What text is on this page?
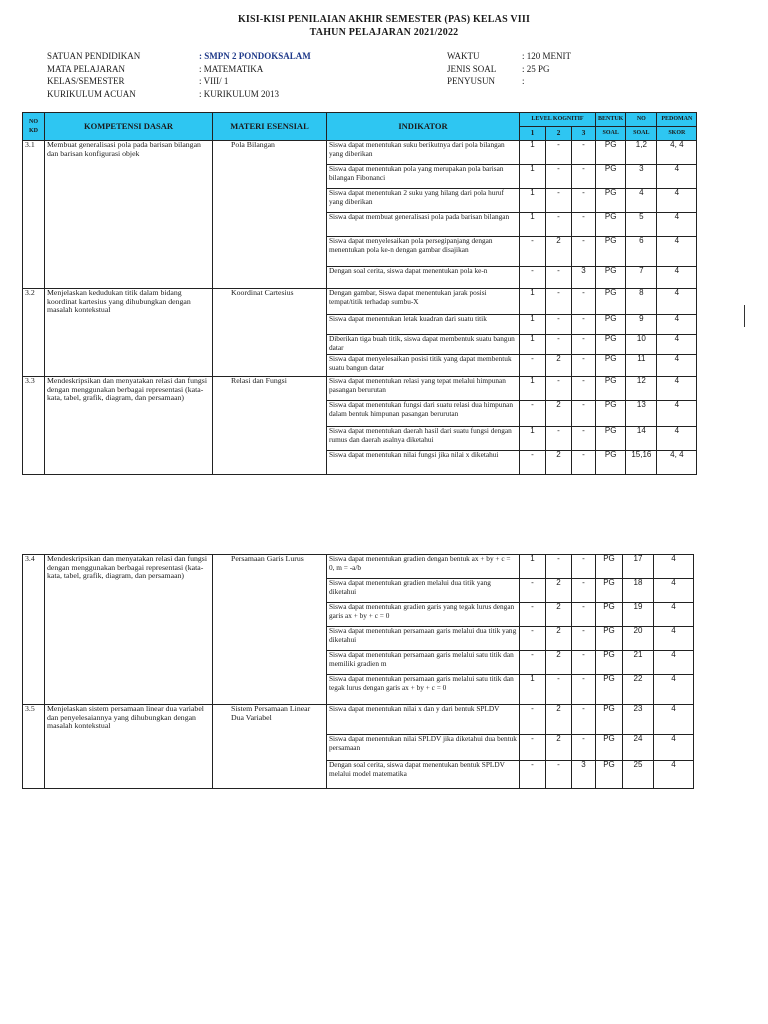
KISI-KISI PENILAIAN AKHIR SEMESTER (PAS) KELAS VIII
TAHUN PELAJARAN 2021/2022
SATUAN PENDIDIKAN	: SMPN 2 PONDOKSALAM
MATA PELAJARAN	: MATEMATIKA
KELAS/SEMESTER	: VIII/ 1
KURIKULUM ACUAN	: KURIKULUM 2013
WAKTU	: 120 MENIT
JENIS SOAL	: 25 PG
PENYUSUN	:
NO KD	KOMPETENSI DASAR	MATERI ESENSIAL	INDIKATOR	LEVEL KOGNITIF			BENTUK	NO	PEDOMAN
				1	2	3	SOAL	SOAL	SKOR
3.1	Membuat generalisasi pola pada barisan bilangan dan barisan konfigurasi objek	Pola Bilangan	Siswa dapat menentukan suku berikutnya dari pola bilangan yang diberikan	1	-	-	PG	1,2	4, 4
			Siswa dapat menentukan pola yang merupakan pola barisan bilangan Fibonanci	1	-	-	PG	3	4
			Siswa dapat menentukan 2 suku yang hilang dari pola huruf yang diberikan	1	-	-	PG	4	4
			Siswa dapat membuat generalisasi pola pada barisan bilangan	1	-	-	PG	5	4
			Siswa dapat menyelesaikan pola persegipanjang dengan menentukan pola ke-n dengan gambar disajikan	-	2	-	PG	6	4
			Dengan soal cerita, siswa dapat menentukan pola ke-n	-	-	3	PG	7	4
3.2	Menjelaskan kedudukan titik dalam bidang koordinat kartesius yang dihubungkan dengan masalah kontekstual	Koordinat Cartesius	Dengan gambar, Siswa dapat menentukan jarak posisi tempat/titik terhadap sumbu-X	1	-	-	PG	8	4
			Siswa dapat menentukan letak kuadran dari suatu titik	1	-	-	PG	9	4
			Diberikan tiga buah titik, siswa dapat membentuk suatu bangun datar	1	-	-	PG	10	4
			Siswa dapat menyelesaikan posisi titik yang dapat membentuk suatu bangun datar	-	2	-	PG	11	4
3.3	Mendeskripsikan dan menyatakan relasi dan fungsi dengan menggunakan berbagai representasi (kata-kata, tabel, grafik, diagram, dan persamaan)	Relasi dan Fungsi	Siswa dapat menentukan relasi yang tepat melalui himpunan pasangan berurutan	1	-	-	PG	12	4
			Siswa dapat menentukan fungsi dari suatu relasi dua himpunan dalam bentuk himpunan pasangan berurutan	-	2	-	PG	13	4
			Siswa dapat menentukan daerah hasil dari suatu fungsi dengan rumus dan daerah asalnya diketahui	1	-	-	PG	14	4
			Siswa dapat menentukan nilai fungsi jika nilai x diketahui	-	2	-	PG	15,16	4, 4
3.4	Mendeskripsikan dan menyatakan relasi dan fungsi dengan menggunakan berbagai representasi (kata-kata, tabel, grafik, diagram, dan persamaan)	Persamaan Garis Lurus	Siswa dapat menentukan gradien dengan bentuk ax + by + c = 0, m = -a/b	1	-	-	PG	17	4
			Siswa dapat menentukan gradien melalui dua titik yang diketahui	-	2	-	PG	18	4
			Siswa dapat menentukan gradien garis yang tegak lurus dengan garis ax + by + c = 0	-	2	-	PG	19	4
			Siswa dapat menentukan persamaan garis melalui dua titik yang diketahui	-	2	-	PG	20	4
			Siswa dapat menentukan persamaan garis melalui satu titik dan memiliki gradien m	-	2	-	PG	21	4
			Siswa dapat menentukan persamaan garis melalui satu titik dan tegak lurus dengan garis ax + by + c = 0	1	-	-	PG	22	4
3.5	Menjelaskan sistem persamaan linear dua variabel dan penyelesaiannya yang dihubungkan dengan masalah kontekstual	Sistem Persamaan Linear Dua Variabel	Siswa dapat menentukan nilai x dan y dari bentuk SPLDV	-	2	-	PG	23	4
			Siswa dapat menentukan nilai SPLDV jika diketahui dua bentuk persamaan	-	2	-	PG	24	4
			Dengan soal cerita, siswa dapat menentukan bentuk SPLDV melalui model matematika	-	-	3	PG	25	4
